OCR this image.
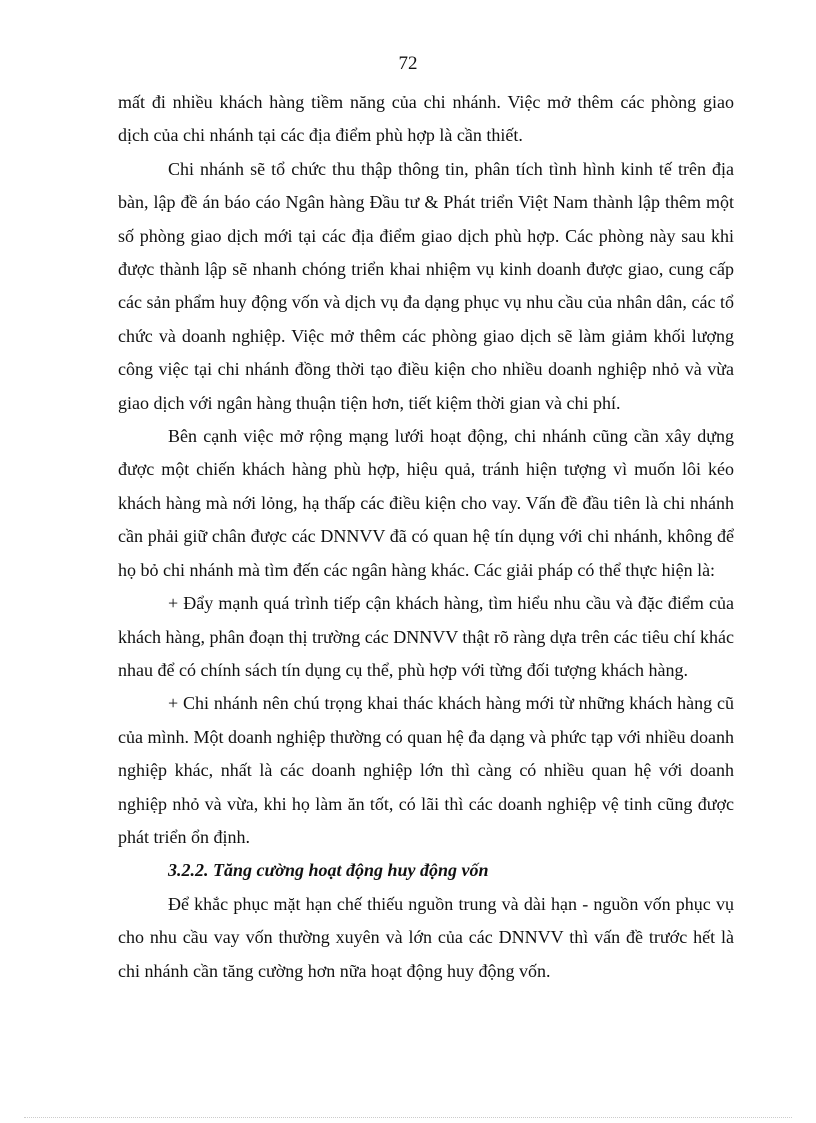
72

mất đi nhiều khách hàng tiềm năng của chi nhánh. Việc mở thêm các phòng giao dịch của chi nhánh tại các địa điểm phù hợp là cần thiết.

Chi nhánh sẽ tổ chức thu thập thông tin, phân tích tình hình kinh tế trên địa bàn, lập đề án báo cáo Ngân hàng Đầu tư & Phát triển Việt Nam thành lập thêm một số phòng giao dịch mới tại các địa điểm giao dịch phù hợp. Các phòng này sau khi được thành lập sẽ nhanh chóng triển khai nhiệm vụ kinh doanh được giao, cung cấp các sản phẩm huy động vốn và dịch vụ đa dạng phục vụ nhu cầu của nhân dân, các tổ chức và doanh nghiệp. Việc mở thêm các phòng giao dịch sẽ làm giảm khối lượng công việc tại chi nhánh đồng thời tạo điều kiện cho nhiều doanh nghiệp nhỏ và vừa giao dịch với ngân hàng thuận tiện hơn, tiết kiệm thời gian và chi phí.

Bên cạnh việc mở rộng mạng lưới hoạt động, chi nhánh cũng cần xây dựng được một chiến khách hàng phù hợp, hiệu quả, tránh hiện tượng vì muốn lôi kéo khách hàng mà nới lỏng, hạ thấp các điều kiện cho vay. Vấn đề đầu tiên là chi nhánh cần phải giữ chân được các DNNVV đã có quan hệ tín dụng với chi nhánh, không để họ bỏ chi nhánh mà tìm đến các ngân hàng khác. Các giải pháp có thể thực hiện là:

+ Đẩy mạnh quá trình tiếp cận khách hàng, tìm hiểu nhu cầu và đặc điểm của khách hàng, phân đoạn thị trường các DNNVV thật rõ ràng dựa trên các tiêu chí khác nhau để có chính sách tín dụng cụ thể, phù hợp với từng đối tượng khách hàng.

+ Chi nhánh nên chú trọng khai thác khách hàng mới từ những khách hàng cũ của mình. Một doanh nghiệp thường có quan hệ đa dạng và phức tạp với nhiều doanh nghiệp khác, nhất là các doanh nghiệp lớn thì càng có nhiều quan hệ với doanh nghiệp nhỏ và vừa, khi họ làm ăn tốt, có lãi thì các doanh nghiệp vệ tinh cũng được phát triển ổn định.

3.2.2. Tăng cường hoạt động huy động vốn

Để khắc phục mặt hạn chế thiếu nguồn trung và dài hạn - nguồn vốn phục vụ cho nhu cầu vay vốn thường xuyên và lớn của các DNNVV thì vấn đề trước hết là chi nhánh cần tăng cường hơn nữa hoạt động huy động vốn.
